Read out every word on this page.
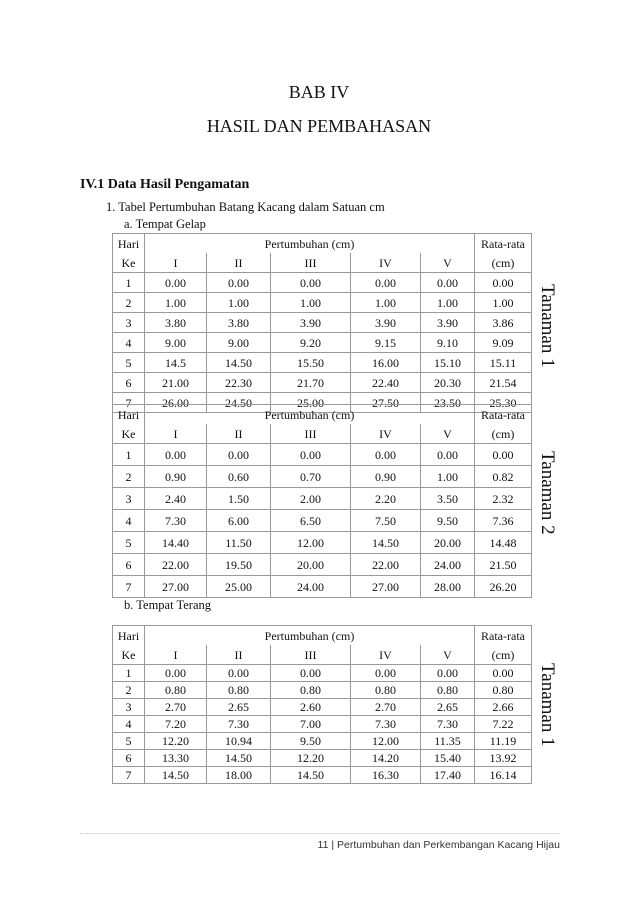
BAB IV
HASIL DAN PEMBAHASAN
IV.1 Data Hasil Pengamatan
1. Tabel Pertumbuhan Batang Kacang dalam Satuan cm
a. Tempat Gelap
Hari	Pertumbuhan (cm)					Rata-rata
Ke	I	II	III	IV	V	(cm)
1	0.00	0.00	0.00	0.00	0.00	0.00
2	1.00	1.00	1.00	1.00	1.00	1.00
3	3.80	3.80	3.90	3.90	3.90	3.86
4	9.00	9.00	9.20	9.15	9.10	9.09
5	14.5	14.50	15.50	16.00	15.10	15.11
6	21.00	22.30	21.70	22.40	20.30	21.54
7	26.00	24.50	25.00	27.50	23.50	25.30
Hari	Pertumbuhan (cm)					Rata-rata
Ke	I	II	III	IV	V	(cm)
1	0.00	0.00	0.00	0.00	0.00	0.00
2	0.90	0.60	0.70	0.90	1.00	0.82
3	2.40	1.50	2.00	2.20	3.50	2.32
4	7.30	6.00	6.50	7.50	9.50	7.36
5	14.40	11.50	12.00	14.50	20.00	14.48
6	22.00	19.50	20.00	22.00	24.00	21.50
7	27.00	25.00	24.00	27.00	28.00	26.20
b. Tempat Terang
Hari	Pertumbuhan (cm)					Rata-rata
Ke	I	II	III	IV	V	(cm)
1	0.00	0.00	0.00	0.00	0.00	0.00
2	0.80	0.80	0.80	0.80	0.80	0.80
3	2.70	2.65	2.60	2.70	2.65	2.66
4	7.20	7.30	7.00	7.30	7.30	7.22
5	12.20	10.94	9.50	12.00	11.35	11.19
6	13.30	14.50	12.20	14.20	15.40	13.92
7	14.50	18.00	14.50	16.30	17.40	16.14
Tanaman 1
Tanaman 2
Tanaman 1
11 | Pertumbuhan dan Perkembangan Kacang Hijau
